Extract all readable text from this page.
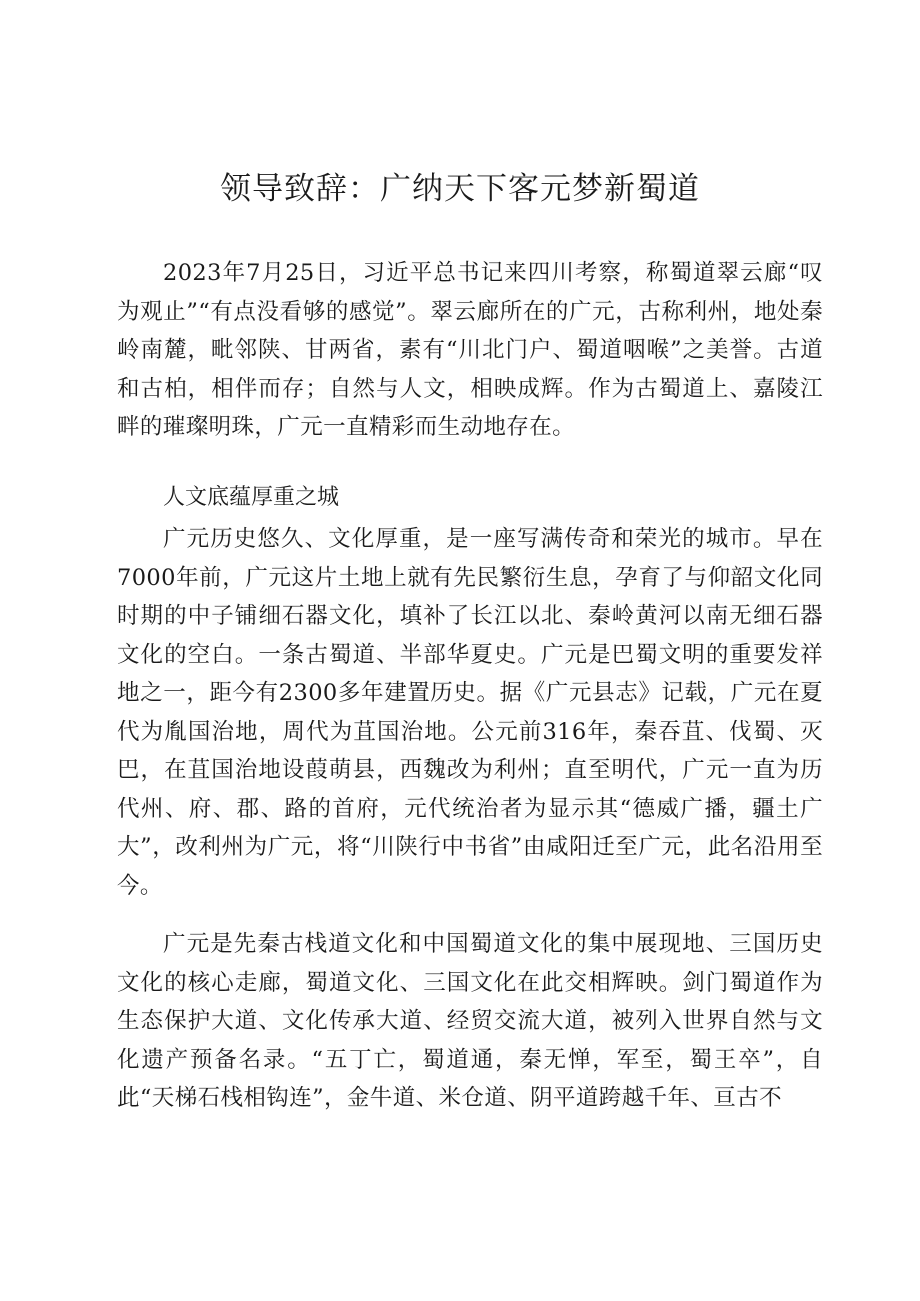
领导致辞：广纳天下客元梦新蜀道

2023年7月25日，习近平总书记来四川考察，称蜀道翠云廊“叹为观止”“有点没看够的感觉”。翠云廊所在的广元，古称利州，地处秦岭南麓，毗邻陕、甘两省，素有“川北门户、蜀道咽喉”之美誉。古道和古柏，相伴而存；自然与人文，相映成辉。作为古蜀道上、嘉陵江畔的璀璨明珠，广元一直精彩而生动地存在。

人文底蕴厚重之城

广元历史悠久、文化厚重，是一座写满传奇和荣光的城市。早在7000年前，广元这片土地上就有先民繁衍生息，孕育了与仰韶文化同时期的中子铺细石器文化，填补了长江以北、秦岭黄河以南无细石器文化的空白。一条古蜀道、半部华夏史。广元是巴蜀文明的重要发祥地之一，距今有2300多年建置历史。据《广元县志》记载，广元在夏代为胤国治地，周代为苴国治地。公元前316年，秦吞苴、伐蜀、灭巴，在苴国治地设葭萌县，西魏改为利州；直至明代，广元一直为历代州、府、郡、路的首府，元代统治者为显示其“德威广播，疆土广大”，改利州为广元，将“川陕行中书省”由咸阳迁至广元，此名沿用至今。

广元是先秦古栈道文化和中国蜀道文化的集中展现地、三国历史文化的核心走廊，蜀道文化、三国文化在此交相辉映。剑门蜀道作为生态保护大道、文化传承大道、经贸交流大道，被列入世界自然与文化遗产预备名录。“五丁亡，蜀道通，秦无惮，军至，蜀王卒”，自此“天梯石栈相钩连”，金牛道、米仓道、阴平道跨越千年、亘古不
